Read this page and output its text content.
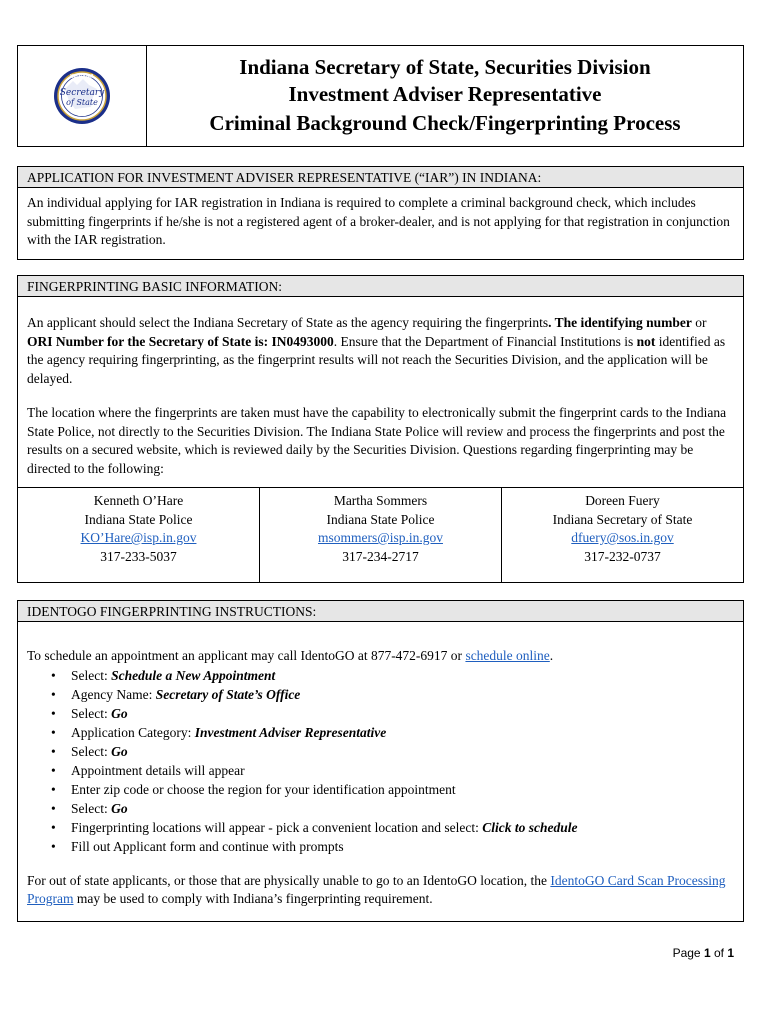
INDIANA
Secretary
of State
Indiana Secretary of State, Securities Division
Investment Adviser Representative
Criminal Background Check/Fingerprinting Process
APPLICATION FOR INVESTMENT ADVISER REPRESENTATIVE (“IAR”) IN INDIANA:
An individual applying for IAR registration in Indiana is required to complete a criminal background check, which includes submitting fingerprints if he/she is not a registered agent of a broker-dealer, and is not applying for that registration in conjunction with the IAR registration.
FINGERPRINTING BASIC INFORMATION:

An applicant should select the Indiana Secretary of State as the agency requiring the fingerprints. The identifying number or ORI Number for the Secretary of State is: IN0493000. Ensure that the Department of Financial Institutions is not identified as the agency requiring fingerprinting, as the fingerprint results will not reach the Securities Division, and the application will be delayed.

The location where the fingerprints are taken must have the capability to electronically submit the fingerprint cards to the Indiana State Police, not directly to the Securities Division. The Indiana State Police will review and process the fingerprints and post the results on a secured website, which is reviewed daily by the Securities Division. Questions regarding fingerprinting may be directed to the following:

Kenneth O’Hare
Indiana State Police
KO’Hare@isp.in.gov
317-233-5037
Martha Sommers
Indiana State Police
msommers@isp.in.gov
317-234-2717
Doreen Fuery
Indiana Secretary of State
dfuery@sos.in.gov
317-232-0737
IDENTOGO FINGERPRINTING INSTRUCTIONS:

To schedule an appointment an applicant may call IdentoGO at 877-472-6917 or schedule online.

• Select: Schedule a New Appointment
• Agency Name: Secretary of State’s Office
• Select: Go
• Application Category: Investment Adviser Representative
• Select: Go
• Appointment details will appear
• Enter zip code or choose the region for your identification appointment
• Select: Go
• Fingerprinting locations will appear - pick a convenient location and select: Click to schedule
• Fill out Applicant form and continue with prompts

For out of state applicants, or those that are physically unable to go to an IdentoGO location, the IdentoGO Card Scan Processing Program may be used to comply with Indiana’s fingerprinting requirement.

Page 1 of 1
